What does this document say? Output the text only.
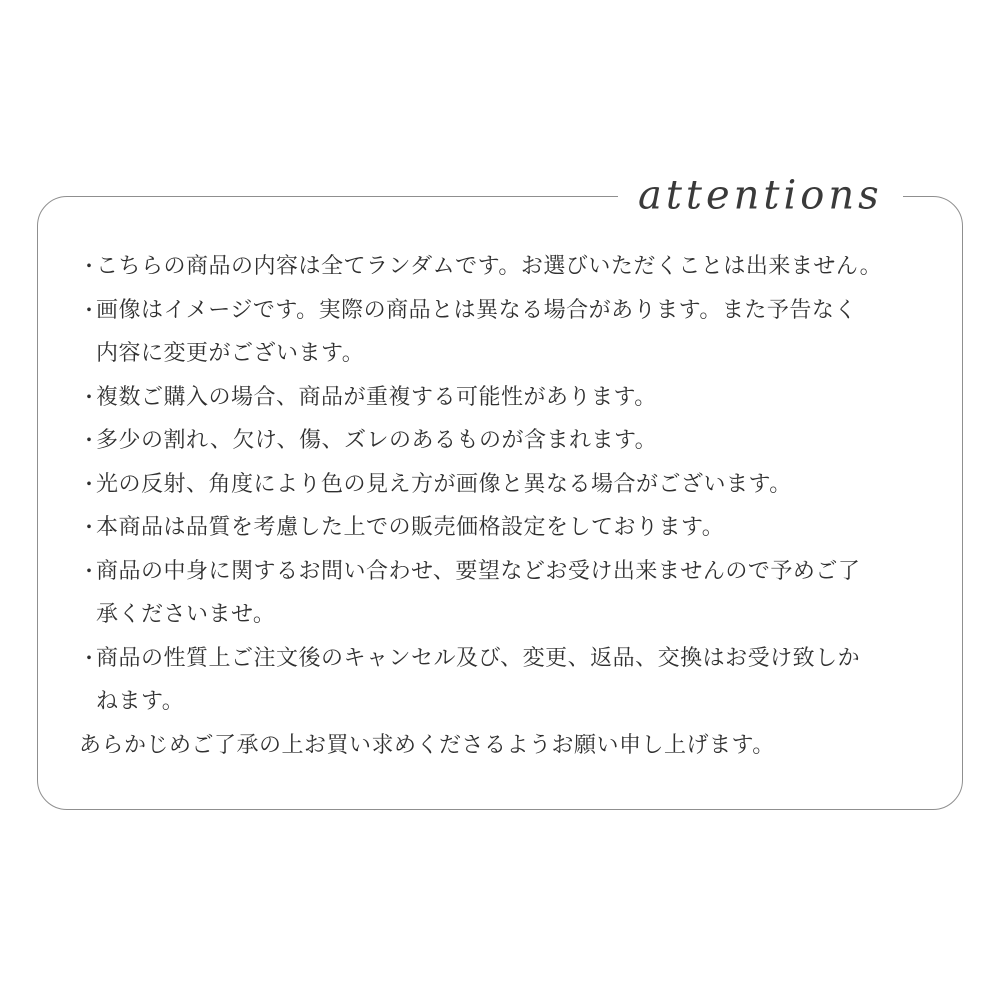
attentions
・
こちらの商品の内容は全てランダムです。お選びいただくことは出来ません。
・
画像はイメージです。実際の商品とは異なる場合があります。また予告なく
内容に変更がございます。
・
複数ご購入の場合、商品が重複する可能性があります。
・
多少の割れ、欠け、傷、ズレのあるものが含まれます。
・
光の反射、角度により色の見え方が画像と異なる場合がございます。
・
本商品は品質を考慮した上での販売価格設定をしております。
・
商品の中身に関するお問い合わせ、要望などお受け出来ませんので予めご了
承くださいませ。
・
商品の性質上ご注文後のキャンセル及び、変更、返品、交換はお受け致しか
ねます。
あらかじめご了承の上お買い求めくださるようお願い申し上げます。
